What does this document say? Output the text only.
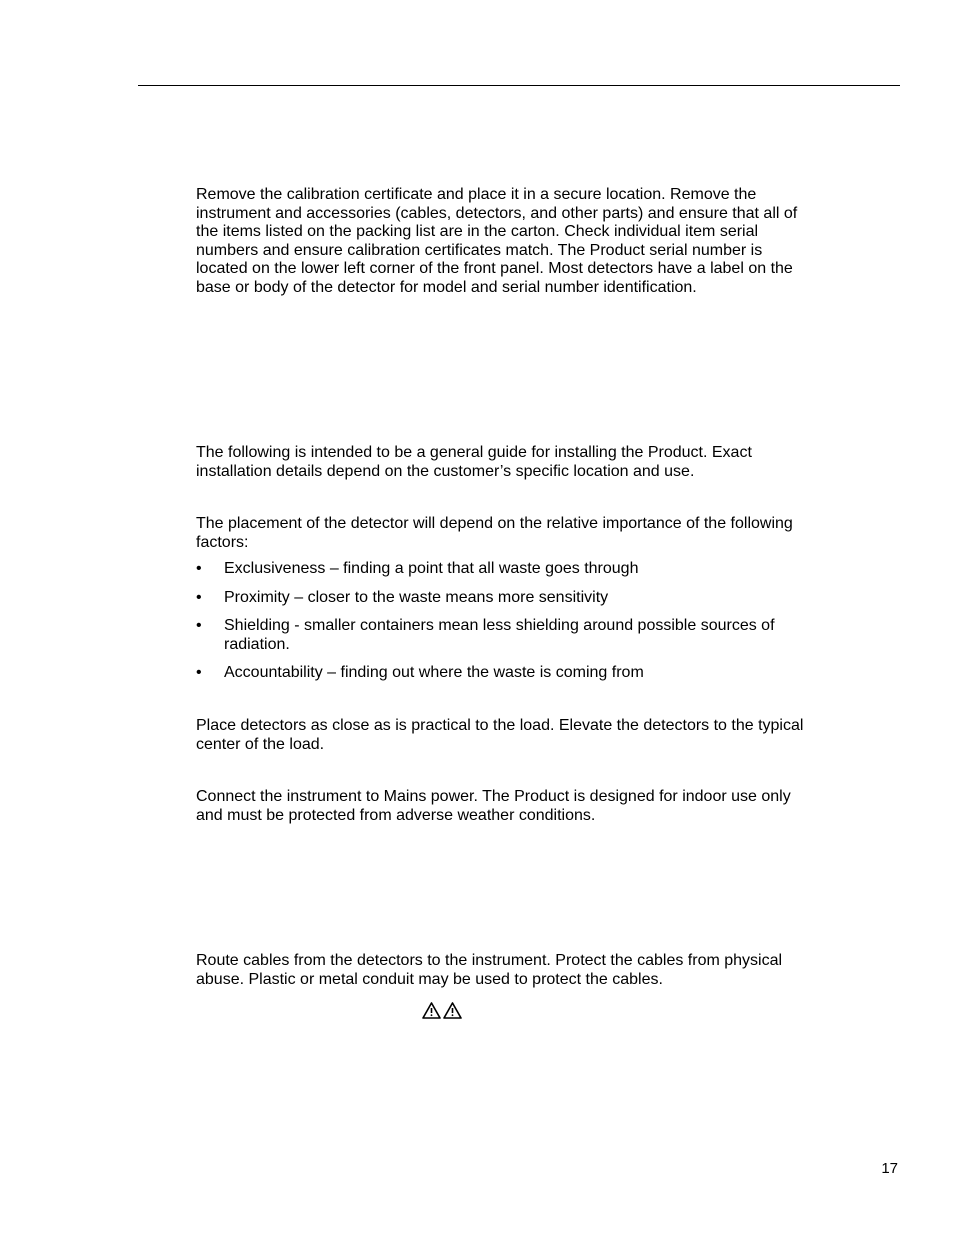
Remove the calibration certificate and place it in a secure location. Remove the instrument and accessories (cables, detectors, and other parts) and ensure that all of the items listed on the packing list are in the carton. Check individual item serial numbers and ensure calibration certificates match. The Product serial number is located on the lower left corner of the front panel. Most detectors have a label on the base or body of the detector for model and serial number identification.

The following is intended to be a general guide for installing the Product. Exact installation details depend on the customer’s specific location and use.

The placement of the detector will depend on the relative importance of the following factors:

• Exclusiveness – finding a point that all waste goes through
• Proximity – closer to the waste means more sensitivity
• Shielding - smaller containers mean less shielding around possible sources of radiation.
• Accountability – finding out where the waste is coming from

Place detectors as close as is practical to the load. Elevate the detectors to the typical center of the load.

Connect the instrument to Mains power. The Product is designed for indoor use only and must be protected from adverse weather conditions.

Route cables from the detectors to the instrument. Protect the cables from physical abuse. Plastic or metal conduit may be used to protect the cables.

17
